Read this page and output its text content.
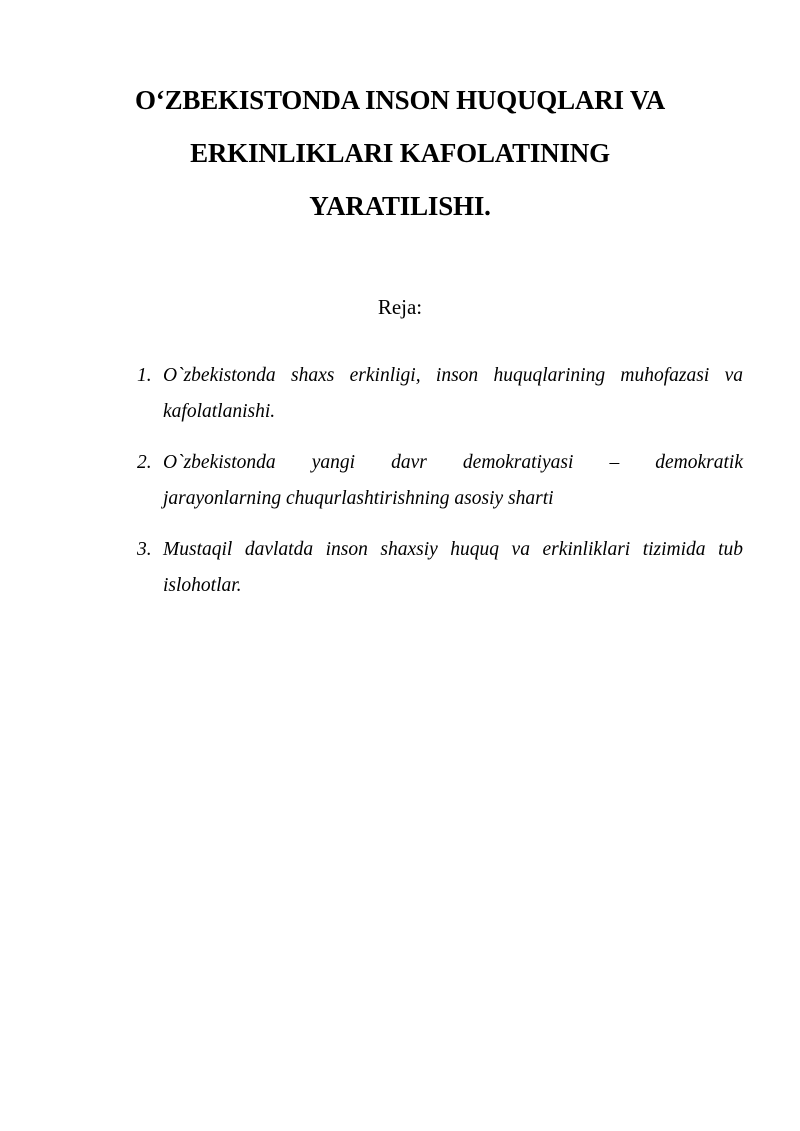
O‘ZBEKISTONDA INSON HUQUQLARI VA
ERKINLIKLARI KAFOLATINING
YARATILISHI.

Reja:

1. O`zbekistonda shaxs erkinligi, inson huquqlarining muhofazasi va
kafolatlanishi.
2. O`zbekistonda yangi davr demokratiyasi – demokratik
jarayonlarning chuqurlashtirishning asosiy sharti
3. Mustaqil davlatda inson shaxsiy huquq va erkinliklari tizimida tub
islohotlar.
